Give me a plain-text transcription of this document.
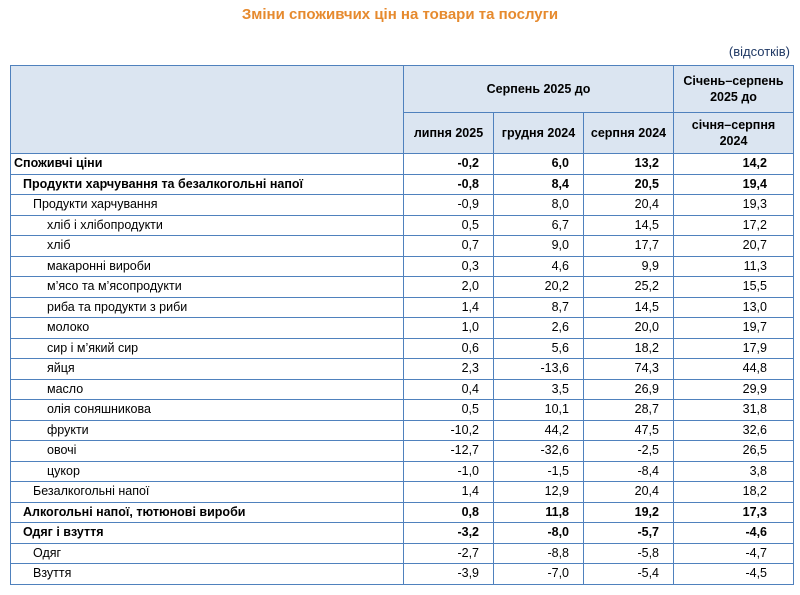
Зміни споживчих цін на товари та послуги
(відсотків)
	Серпень 2025 до			Січень–серпень 2025 до
	липня 2025	грудня 2024	серпня 2024	січня–серпня 2024
Споживчі ціни	-0,2	6,0	13,2	14,2
Продукти харчування та безалкогольні напої	-0,8	8,4	20,5	19,4
Продукти харчування	-0,9	8,0	20,4	19,3
хліб і хлібопродукти	0,5	6,7	14,5	17,2
хліб	0,7	9,0	17,7	20,7
макаронні вироби	0,3	4,6	9,9	11,3
м’ясо та м’ясопродукти	2,0	20,2	25,2	15,5
риба та продукти з риби	1,4	8,7	14,5	13,0
молоко	1,0	2,6	20,0	19,7
сир і м’який сир	0,6	5,6	18,2	17,9
яйця	2,3	-13,6	74,3	44,8
масло	0,4	3,5	26,9	29,9
олія соняшникова	0,5	10,1	28,7	31,8
фрукти	-10,2	44,2	47,5	32,6
овочі	-12,7	-32,6	-2,5	26,5
цукор	-1,0	-1,5	-8,4	3,8
Безалкогольні напої	1,4	12,9	20,4	18,2
Алкогольні напої, тютюнові вироби	0,8	11,8	19,2	17,3
Одяг і взуття	-3,2	-8,0	-5,7	-4,6
Одяг	-2,7	-8,8	-5,8	-4,7
Взуття	-3,9	-7,0	-5,4	-4,5
